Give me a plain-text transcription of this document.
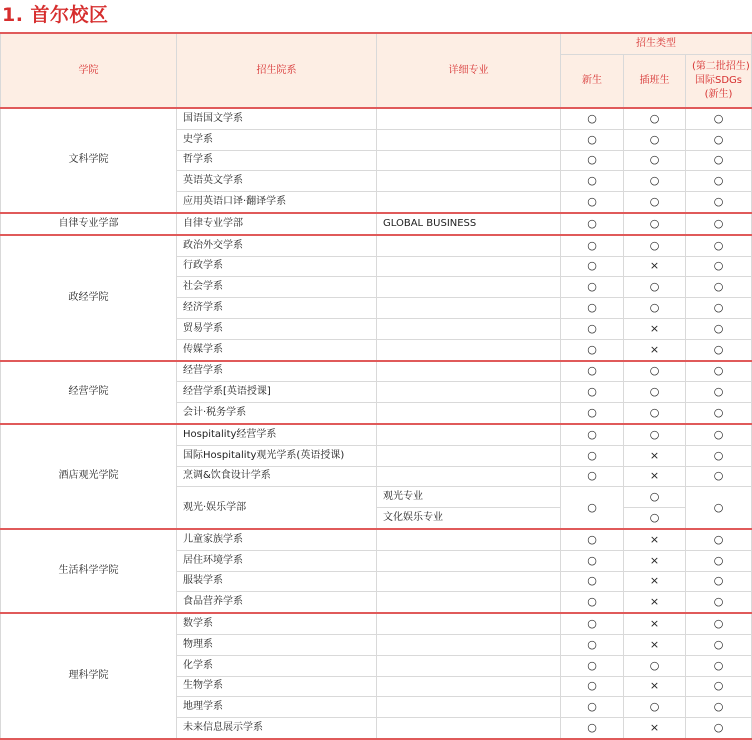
1. 首尔校区
学院	招生院系	详细专业	招生类型		
			新生	插班生	(第二批招生)
国际SDGs
(新生)

文科学院	国语国文学系		○	○	○
	史学系		○	○	○
	哲学系		○	○	○
	英语英文学系		○	○	○
	应用英语口译·翻译学系		○	○	○
自律专业学部	自律专业学部	GLOBAL BUSINESS	○	○	○
政经学院	政治外交学系		○	○	○
	行政学系		○	×	○
	社会学系		○	○	○
	经济学系		○	○	○
	贸易学系		○	×	○
	传媒学系		○	×	○
经营学院	经营学系		○	○	○
	经营学系[英语授课]		○	○	○
	会计·税务学系		○	○	○
酒店观光学院	Hospitality经营学系		○	○	○
	国际Hospitality观光学系(英语授课)		○	×	○
	烹调&饮食设计学系		○	×	○
	观光·娱乐学部	观光专业	○	○	○
		文化娱乐专业		○	
生活科学学院	儿童家族学系		○	×	○
	居住环境学系		○	×	○
	服装学系		○	×	○
	食品营养学系		○	×	○
理科学院	数学系		○	×	○
	物理系		○	×	○
	化学系		○	○	○
	生物学系		○	×	○
	地理学系		○	○	○
	未来信息展示学系		○	×	○
